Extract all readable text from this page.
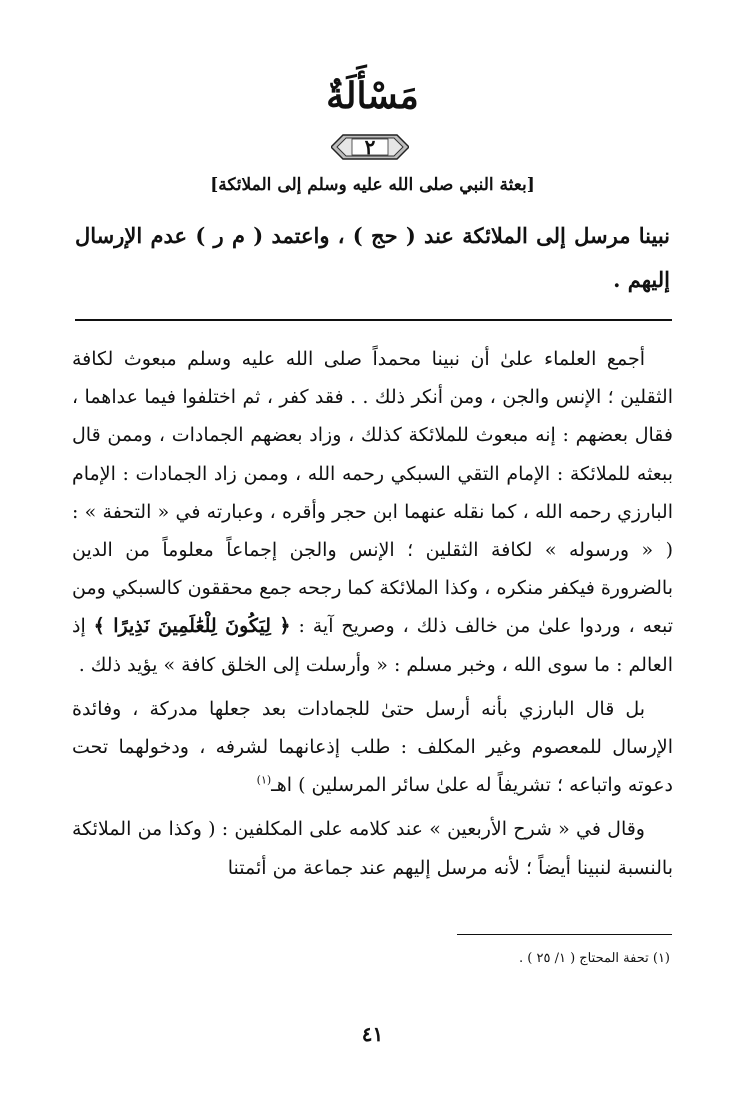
مَسْأَلَةٌ
٢
[بعثة النبي صلى الله عليه وسلم إلى الملائكة]
نبينا مرسل إلى الملائكة عند ( حج ) ، واعتمد ( م ر ) عدم الإرسال إليهم .

أجمع العلماء علىٰ أن نبينا محمداً صلى الله عليه وسلم مبعوث لكافة الثقلين ؛ الإنس والجن ، ومن أنكر ذلك . . فقد كفر ، ثم اختلفوا فيما عداهما ، فقال بعضهم : إنه مبعوث للملائكة كذلك ، وزاد بعضهم الجمادات ، وممن قال ببعثه للملائكة : الإمام التقي السبكي رحمه الله ، وممن زاد الجمادات : الإمام البارزي رحمه الله ، كما نقله عنهما ابن حجر وأقره ، وعبارته في « التحفة » : ( « ورسوله » لكافة الثقلين ؛ الإنس والجن إجماعاً معلوماً من الدين بالضرورة فيكفر منكره ، وكذا الملائكة كما رجحه جمع محققون كالسبكي ومن تبعه ، وردوا علىٰ من خالف ذلك ، وصريح آية : ﴿ لِيَكُونَ لِلْعَٰلَمِينَ نَذِيرًا ﴾ إذ العالم : ما سوى الله ، وخبر مسلم : « وأرسلت إلى الخلق كافة » يؤيد ذلك .

بل قال البارزي بأنه أرسل حتىٰ للجمادات بعد جعلها مدركة ، وفائدة الإرسال للمعصوم وغير المكلف : طلب إذعانهما لشرفه ، ودخولهما تحت دعوته واتباعه ؛ تشريفاً له علىٰ سائر المرسلين ) اهـ$^{(١)}$

وقال في « شرح الأربعين » عند كلامه على المكلفين : ( وكذا من الملائكة بالنسبة لنبينا أيضاً ؛ لأنه مرسل إليهم عند جماعة من أئمتنا

(١) تحفة المحتاج ( ١/ ٢٥ ) .
٤١
